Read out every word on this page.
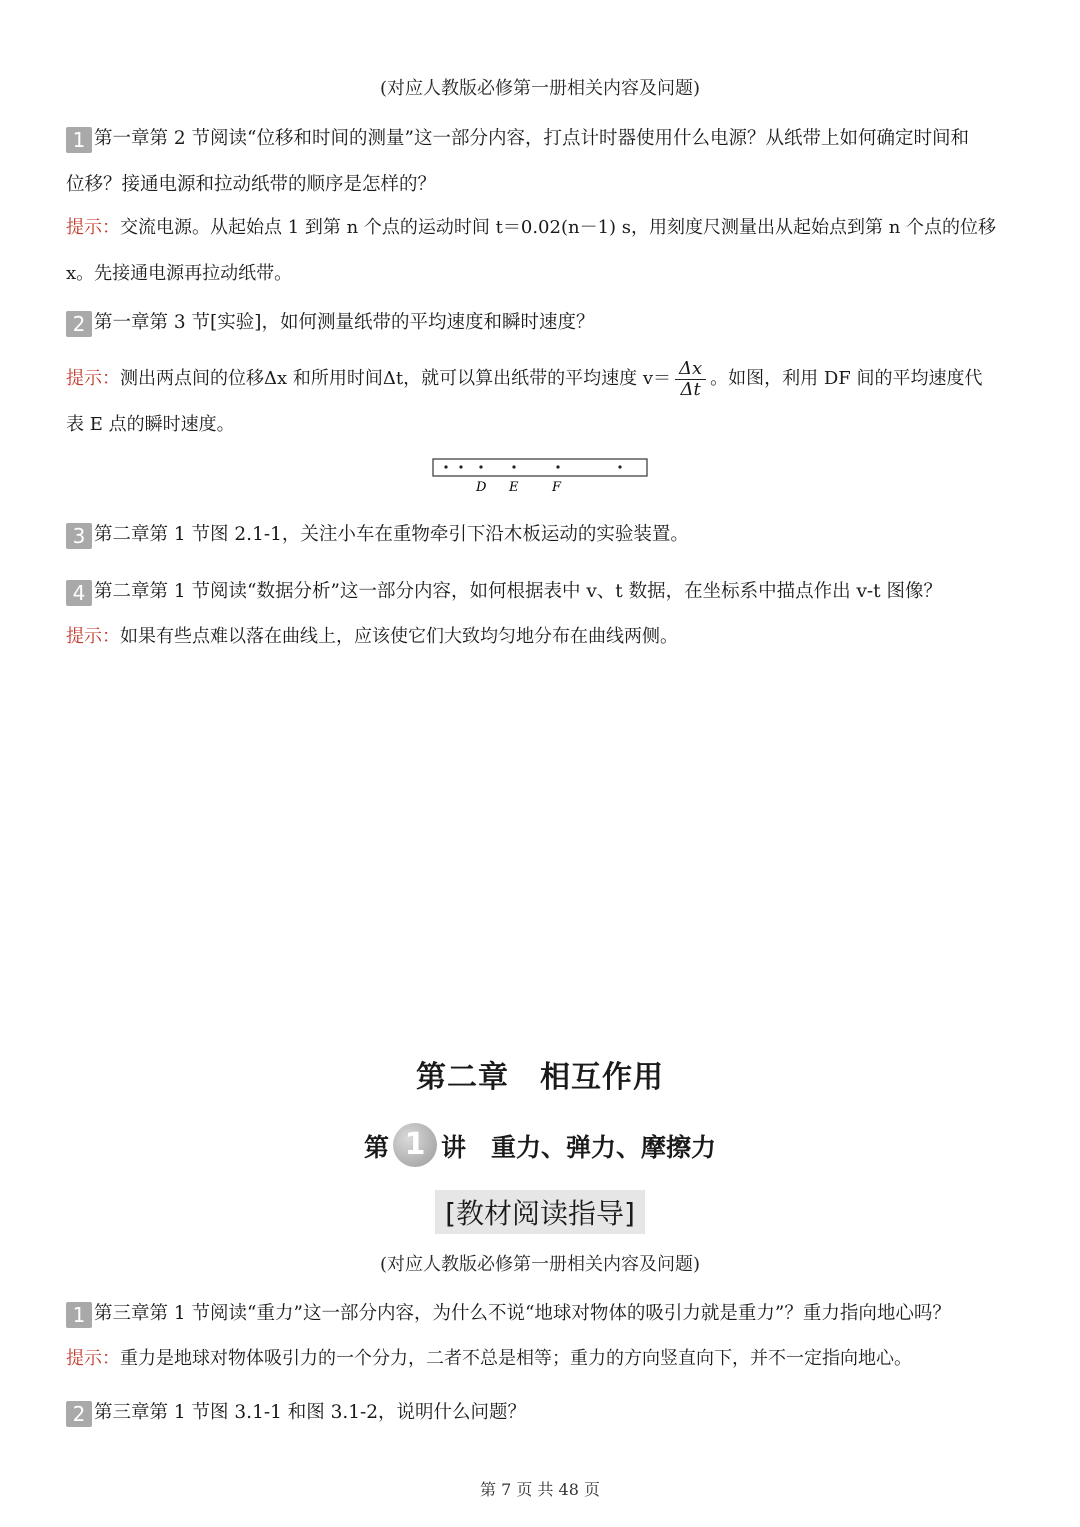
(对应人教版必修第一册相关内容及问题)
1 第一章第 2 节阅读“位移和时间的测量”这一部分内容，打点计时器使用什么电源？从纸带上如何确定时间和
位移？接通电源和拉动纸带的顺序是怎样的？
提示：交流电源。从起始点 1 到第 n 个点的运动时间 t＝0.02(n－1) s，用刻度尺测量出从起始点到第 n 个点的位移
x。先接通电源再拉动纸带。
2 第一章第 3 节[实验]，如何测量纸带的平均速度和瞬时速度？
提示：测出两点间的位移Δx 和所用时间Δt，就可以算出纸带的平均速度 $v= \frac{\Delta x}{\Delta t}$ 。如图，利用 DF 间的平均速度代
表 E 点的瞬时速度。
D E	F
3 第二章第 1 节图 2.1-1，关注小车在重物牵引下沿木板运动的实验装置。
4 第二章第 1 节阅读“数据分析”这一部分内容，如何根据表中 v、t 数据，在坐标系中描点作出 v-t 图像？
提示：如果有些点难以落在曲线上，应该使它们大致均匀地分布在曲线两侧。
第二章　相互作用
第 1 讲　重力、弹力、摩擦力
[教材阅读指导]
(对应人教版必修第一册相关内容及问题)
1 第三章第 1 节阅读“重力”这一部分内容，为什么不说“地球对物体的吸引力就是重力”？重力指向地心吗？
提示：重力是地球对物体吸引力的一个分力，二者不总是相等；重力的方向竖直向下，并不一定指向地心。
2 第三章第 1 节图 3.1-1 和图 3.1-2，说明什么问题？
第 7 页 共 48 页
